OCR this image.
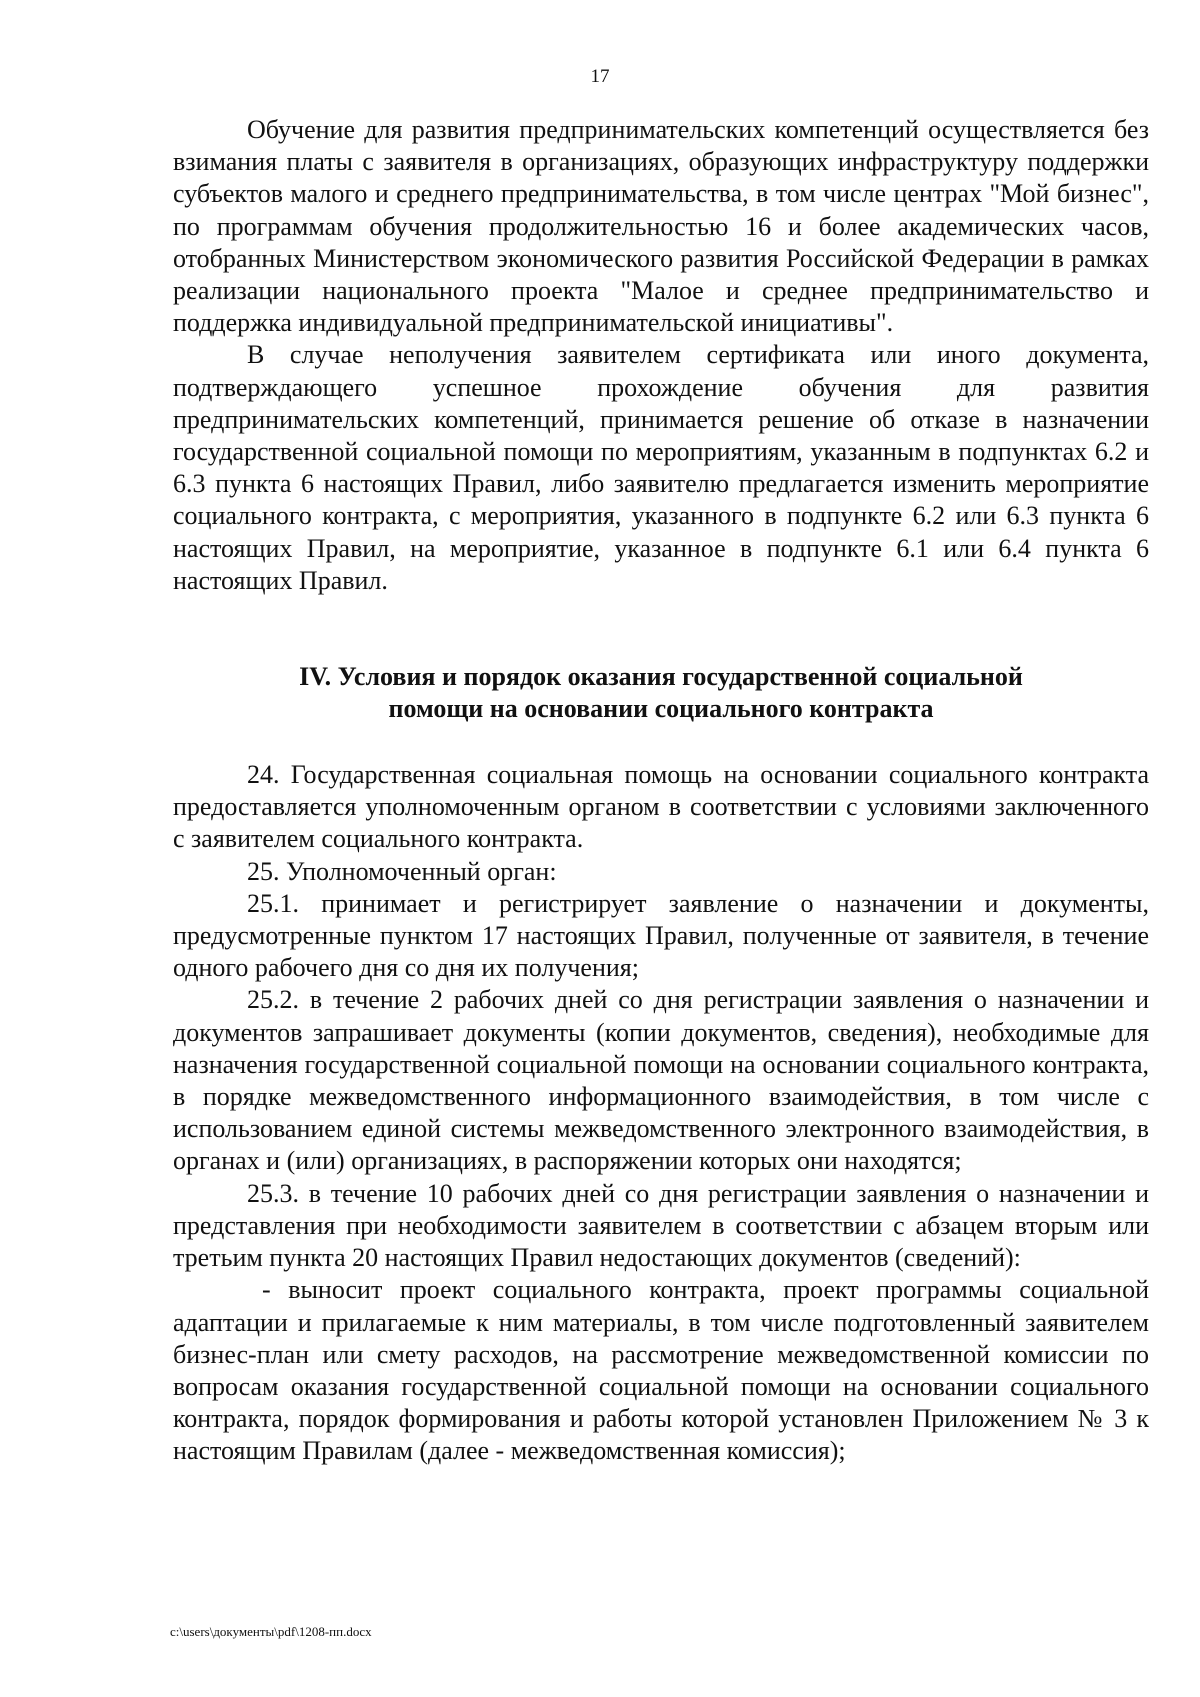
17

Обучение для развития предпринимательских компетенций осуществляется без взимания платы с заявителя в организациях, образующих инфраструктуру поддержки субъектов малого и среднего предпринимательства, в том числе центрах "Мой бизнес", по программам обучения продолжительностью 16 и более академических часов, отобранных Министерством экономического развития Российской Федерации в рамках реализации национального проекта "Малое и среднее предпринимательство и поддержка индивидуальной предпринимательской инициативы".

В случае неполучения заявителем сертификата или иного документа, подтверждающего успешное прохождение обучения для развития предпринимательских компетенций, принимается решение об отказе в назначении государственной социальной помощи по мероприятиям, указанным в подпунктах 6.2 и 6.3 пункта 6 настоящих Правил, либо заявителю предлагается изменить мероприятие социального контракта, с мероприятия, указанного в подпункте 6.2 или 6.3 пункта 6 настоящих Правил, на мероприятие, указанное в подпункте 6.1 или 6.4 пункта 6 настоящих Правил.

IV. Условия и порядок оказания государственной социальной
помощи на основании социального контракта

24. Государственная социальная помощь на основании социального контракта предоставляется уполномоченным органом в соответствии с условиями заключенного с заявителем социального контракта.

25. Уполномоченный орган:

25.1. принимает и регистрирует заявление о назначении и документы, предусмотренные пунктом 17 настоящих Правил, полученные от заявителя, в течение одного рабочего дня со дня их получения;

25.2. в течение 2 рабочих дней со дня регистрации заявления о назначении и документов запрашивает документы (копии документов, сведения), необходимые для назначения государственной социальной помощи на основании социального контракта, в порядке межведомственного информационного взаимодействия, в том числе с использованием единой системы межведомственного электронного взаимодействия, в органах и (или) организациях, в распоряжении которых они находятся;

25.3. в течение 10 рабочих дней со дня регистрации заявления о назначении и представления при необходимости заявителем в соответствии с абзацем вторым или третьим пункта 20 настоящих Правил недостающих документов (сведений):

- выносит проект социального контракта, проект программы социальной адаптации и прилагаемые к ним материалы, в том числе подготовленный заявителем бизнес-план или смету расходов, на рассмотрение межведомственной комиссии по вопросам оказания государственной социальной помощи на основании социального контракта, порядок формирования и работы которой установлен Приложением № 3 к настоящим Правилам (далее - межведомственная комиссия);

c:\users\документы\pdf\1208-пп.docx
